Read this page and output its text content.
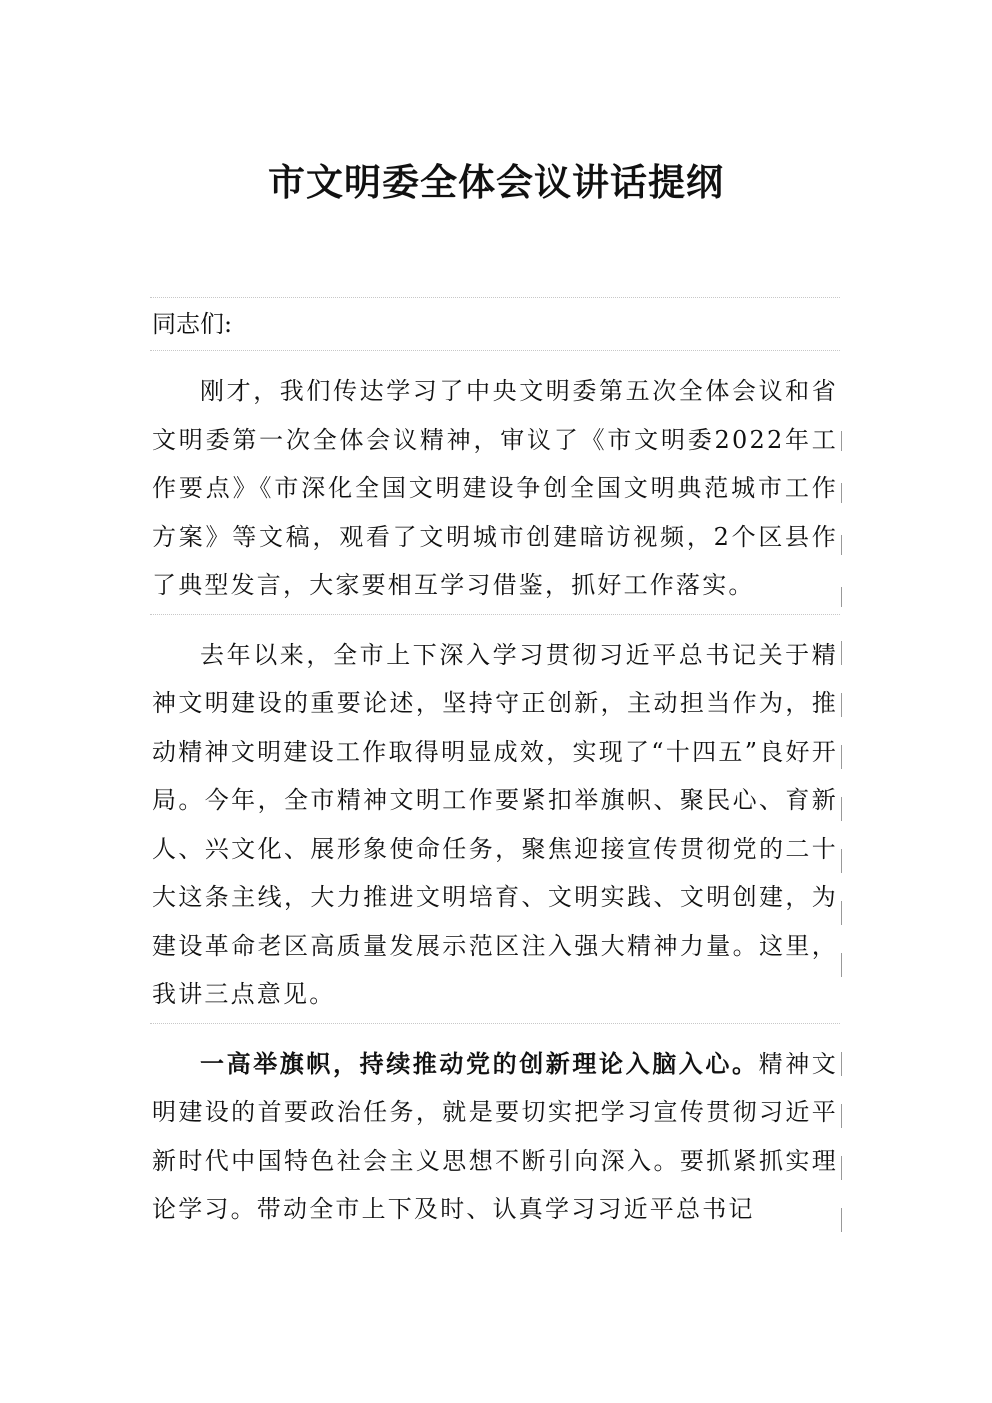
市文明委全体会议讲话提纲
同志们:
刚才，我们传达学习了中央文明委第五次全体会议和省文明委第一次全体会议精神，审议了《市文明委2022年工作要点》《市深化全国文明建设争创全国文明典范城市工作方案》等文稿，观看了文明城市创建暗访视频，2个区县作了典型发言，大家要相互学习借鉴，抓好工作落实。
去年以来，全市上下深入学习贯彻习近平总书记关于精神文明建设的重要论述，坚持守正创新，主动担当作为，推动精神文明建设工作取得明显成效，实现了“十四五”良好开局。今年，全市精神文明工作要紧扣举旗帜、聚民心、育新人、兴文化、展形象使命任务，聚焦迎接宣传贯彻党的二十大这条主线，大力推进文明培育、文明实践、文明创建，为建设革命老区高质量发展示范区注入强大精神力量。这里，我讲三点意见。
一高举旗帜，持续推动党的创新理论入脑入心。精神文明建设的首要政治任务，就是要切实把学习宣传贯彻习近平新时代中国特色社会主义思想不断引向深入。要抓紧抓实理论学习。带动全市上下及时、认真学习习近平总书记
